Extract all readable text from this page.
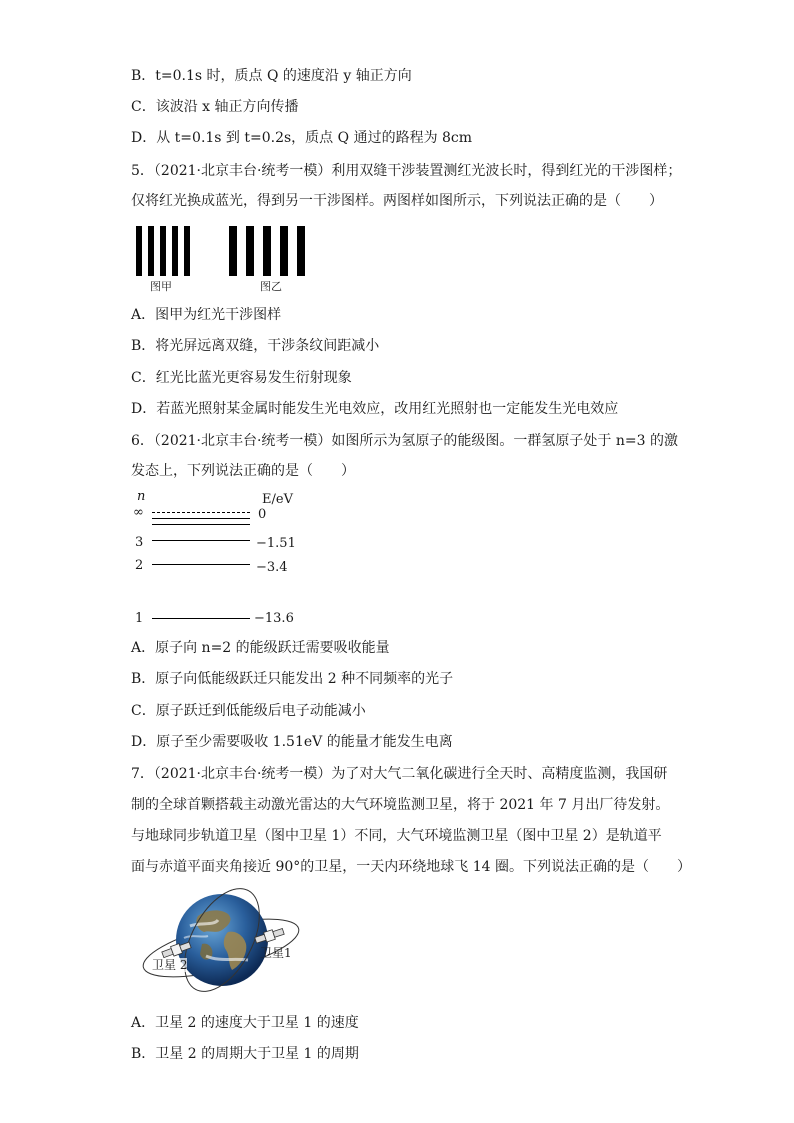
B．t=0.1s 时，质点 Q 的速度沿 y 轴正方向
C．该波沿 x 轴正方向传播
D．从 t=0.1s 到 t=0.2s，质点 Q 通过的路程为 8cm
5．（2021·北京丰台·统考一模）利用双缝干涉装置测红光波长时，得到红光的干涉图样；
仅将红光换成蓝光，得到另一干涉图样。两图样如图所示，下列说法正确的是（　　）
图甲	图乙
A．图甲为红光干涉图样
B．将光屏远离双缝，干涉条纹间距减小
C．红光比蓝光更容易发生衍射现象
D．若蓝光照射某金属时能发生光电效应，改用红光照射也一定能发生光电效应
6．（2021·北京丰台·统考一模）如图所示为氢原子的能级图。一群氢原子处于 n=3 的激
发态上，下列说法正确的是（　　）
n	E/eV
∞	0
3	−1.51
2	−3.4
1	−13.6
A．原子向 n=2 的能级跃迁需要吸收能量
B．原子向低能级跃迁只能发出 2 种不同频率的光子
C．原子跃迁到低能级后电子动能减小
D．原子至少需要吸收 1.51eV 的能量才能发生电离
7．（2021·北京丰台·统考一模）为了对大气二氧化碳进行全天时、高精度监测，我国研
制的全球首颗搭载主动激光雷达的大气环境监测卫星，将于 2021 年 7 月出厂待发射。
与地球同步轨道卫星（图中卫星 1）不同，大气环境监测卫星（图中卫星 2）是轨道平
面与赤道平面夹角接近 90°的卫星，一天内环绕地球飞 14 圈。下列说法正确的是（　　）
卫星 2
卫星1
A．卫星 2 的速度大于卫星 1 的速度
B．卫星 2 的周期大于卫星 1 的周期
